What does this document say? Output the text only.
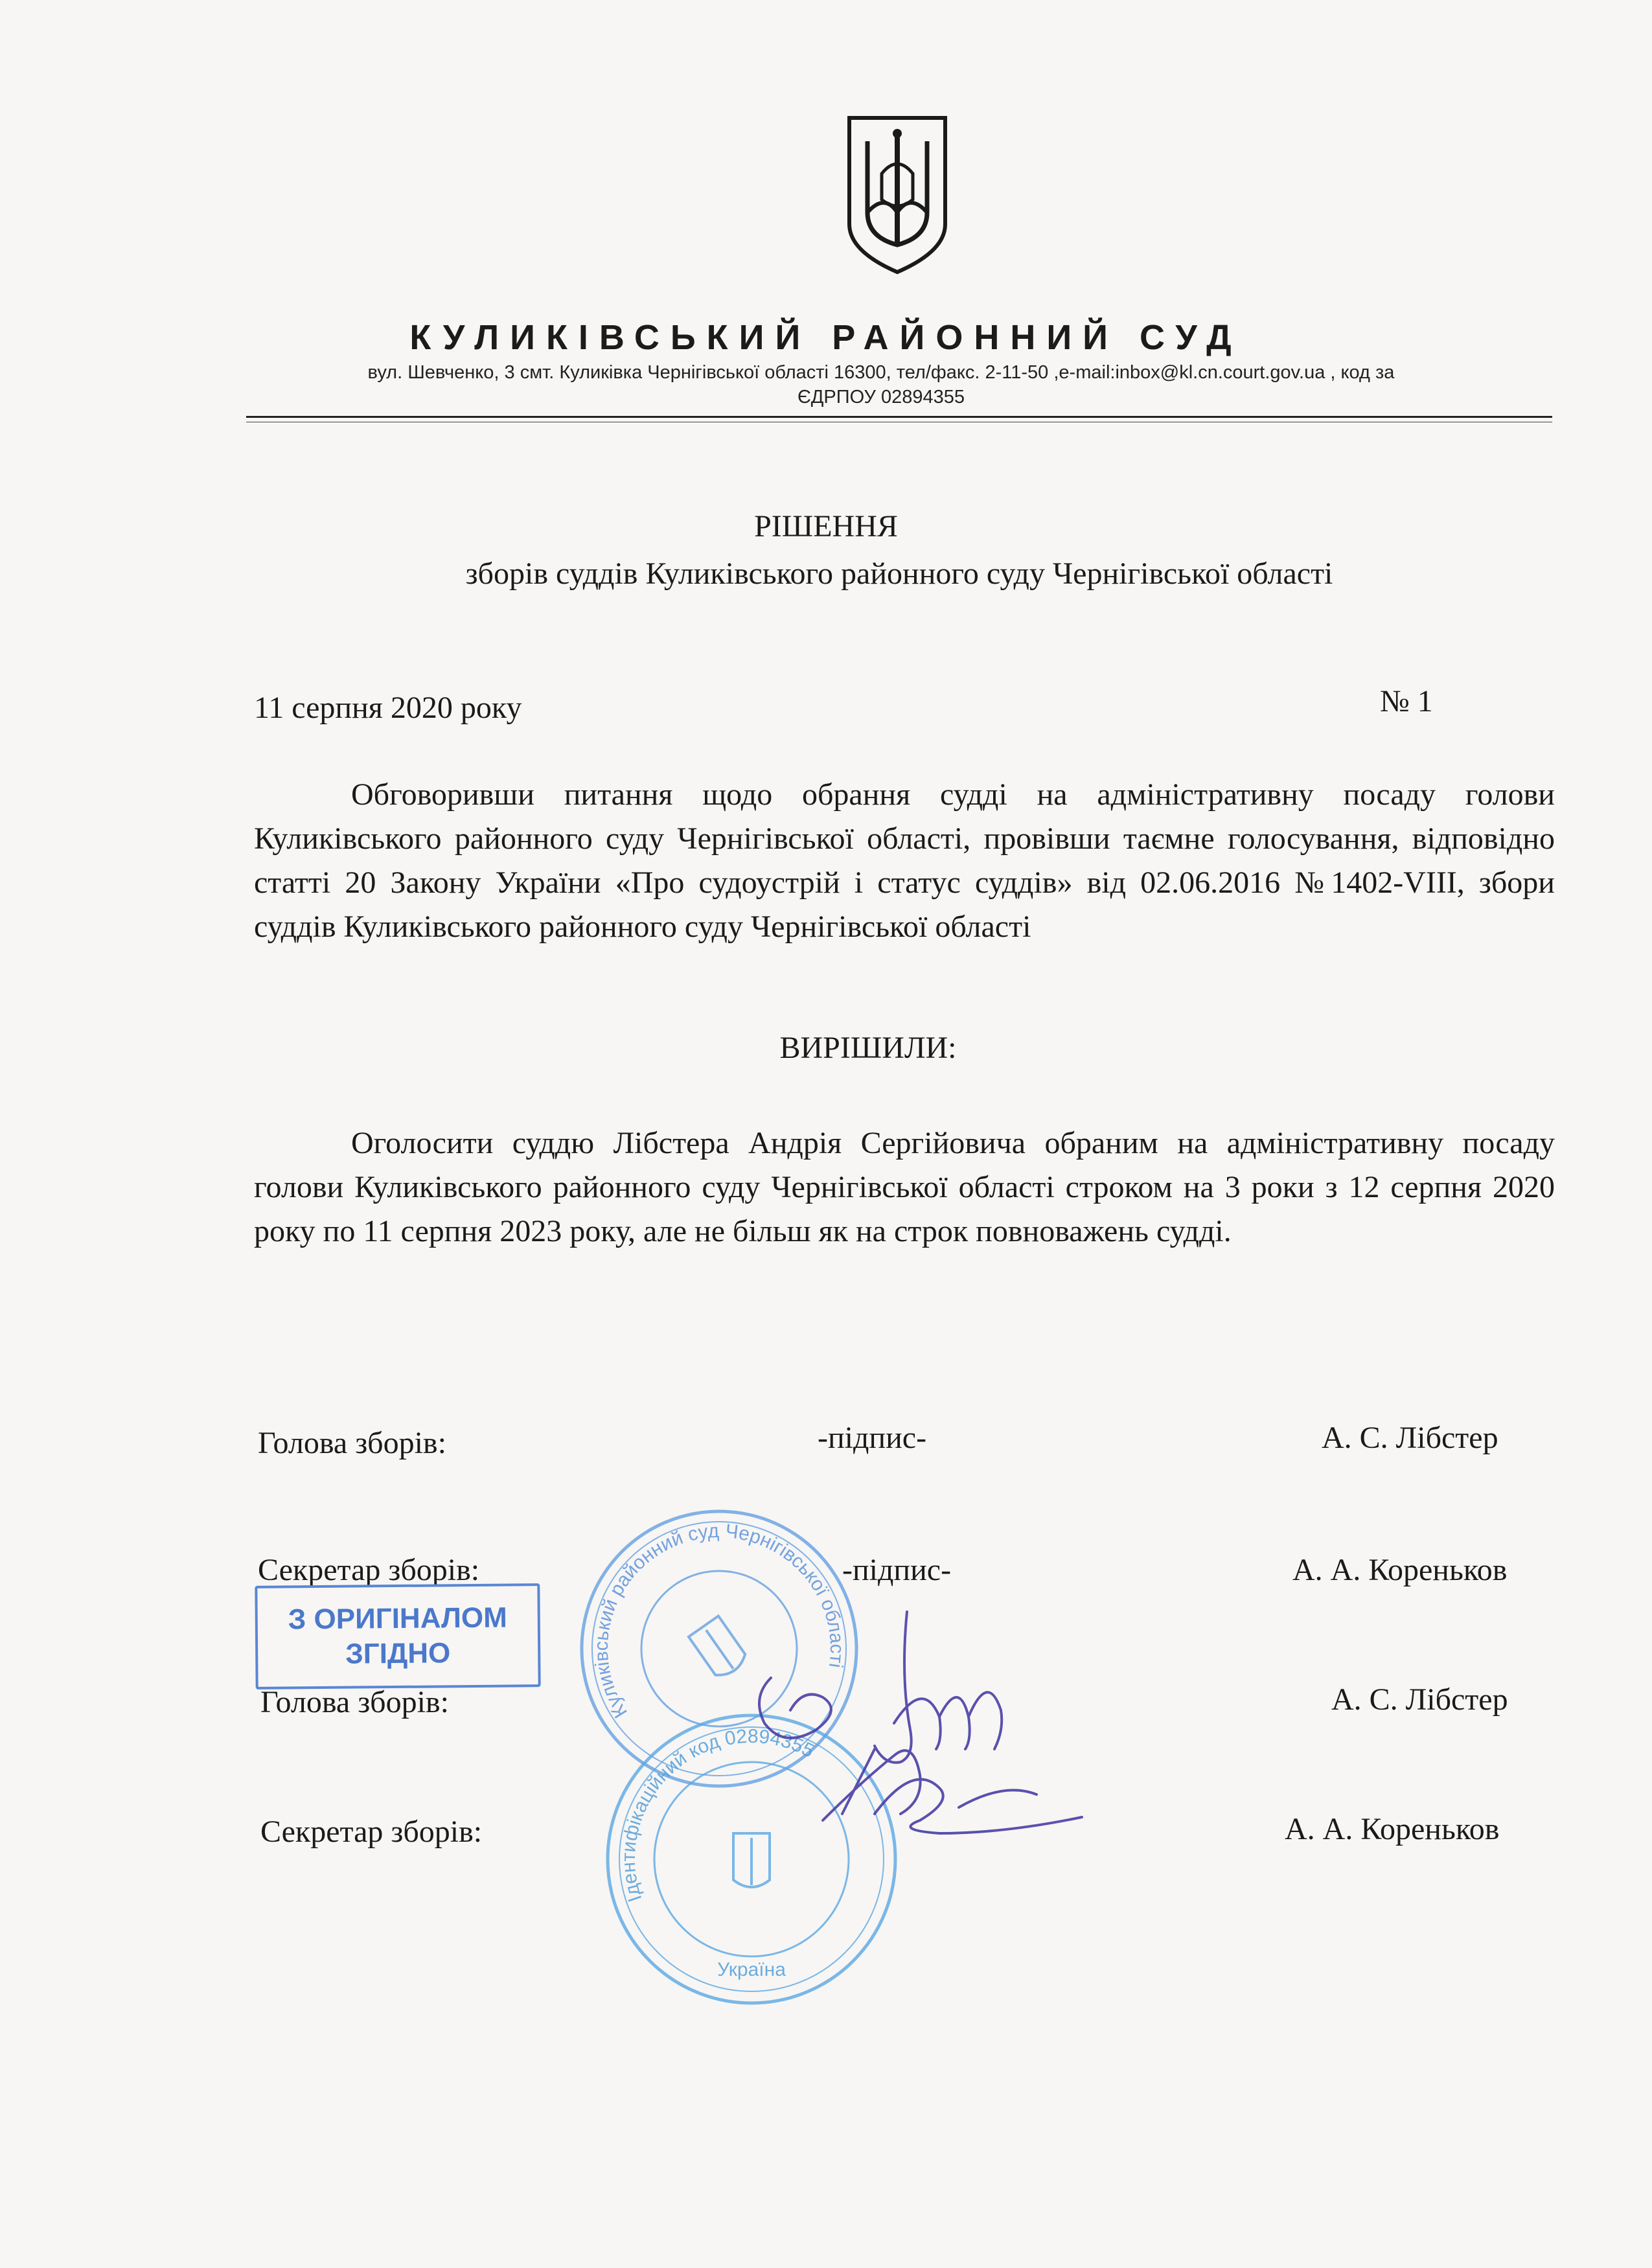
КУЛИКІВСЬКИЙ РАЙОННИЙ СУД
вул. Шевченко, 3 смт. Куликівка Чернігівської області 16300, тел/факс. 2-11-50 ,e-mail:inbox@kl.cn.court.gov.ua , код за
ЄДРПОУ 02894355
РІШЕННЯ
зборів суддів Куликівського районного суду Чернігівської області
11 серпня 2020 року	№ 1
Обговоривши питання щодо обрання судді на адміністративну посаду голови Куликівського районного суду Чернігівської області, провівши таємне голосування, відповідно статті 20 Закону України «Про судоустрій і статус суддів» від 02.06.2016 №1402-VIII, збори суддів Куликівського районного суду Чернігівської області
ВИРІШИЛИ:
Оголосити суддю Лібстера Андрія Сергійовича обраним на адміністративну посаду голови Куликівського районного суду Чернігівської області строком на 3 роки з 12 серпня 2020 року по 11 серпня 2023 року, але не більш як на строк повноважень судді.
Голова зборів:	-підпис-	А. С. Лібстер
Секретар зборів:	-підпис-	А. А. Кореньков
Голова зборів:	А. С. Лібстер
Секретар зборів:	А. А. Кореньков
З ОРИГІНАЛОМ
ЗГІДНО
Куликівський районний суд Чернігівської області
Ідентифікаційний код 02894355
Україна
